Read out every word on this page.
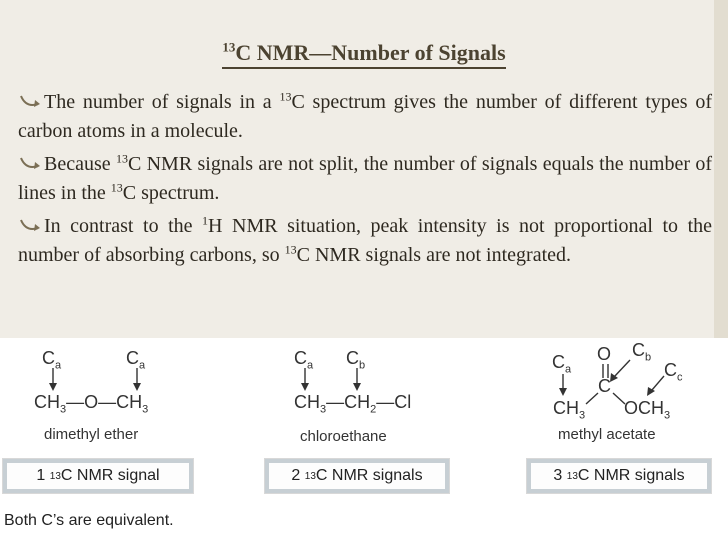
$^{13}$C NMR—Number of Signals
The number of signals in a $^{13}$C spectrum gives the number of different types of carbon atoms in a molecule.
Because $^{13}$C NMR signals are not split, the number of signals equals the number of lines in the $^{13}$C spectrum.
In contrast to the $^1$H NMR situation, peak intensity is not proportional to the number of absorbing carbons, so $^{13}$C NMR signals are not integrated.
$C_a$	$C_a$
$CH_3—O—CH_3$
dimethyl ether
$C_a$ $C_b$
$CH_3—CH_2—Cl$
chloroethane
$C_a$
O $C_b$
$C_c$
C
$CH_3$ $OCH_3$
methyl acetate
1
13 C NMR signal	2
13 C NMR signals	3
13 C NMR signals
Both C’s are equivalent.
